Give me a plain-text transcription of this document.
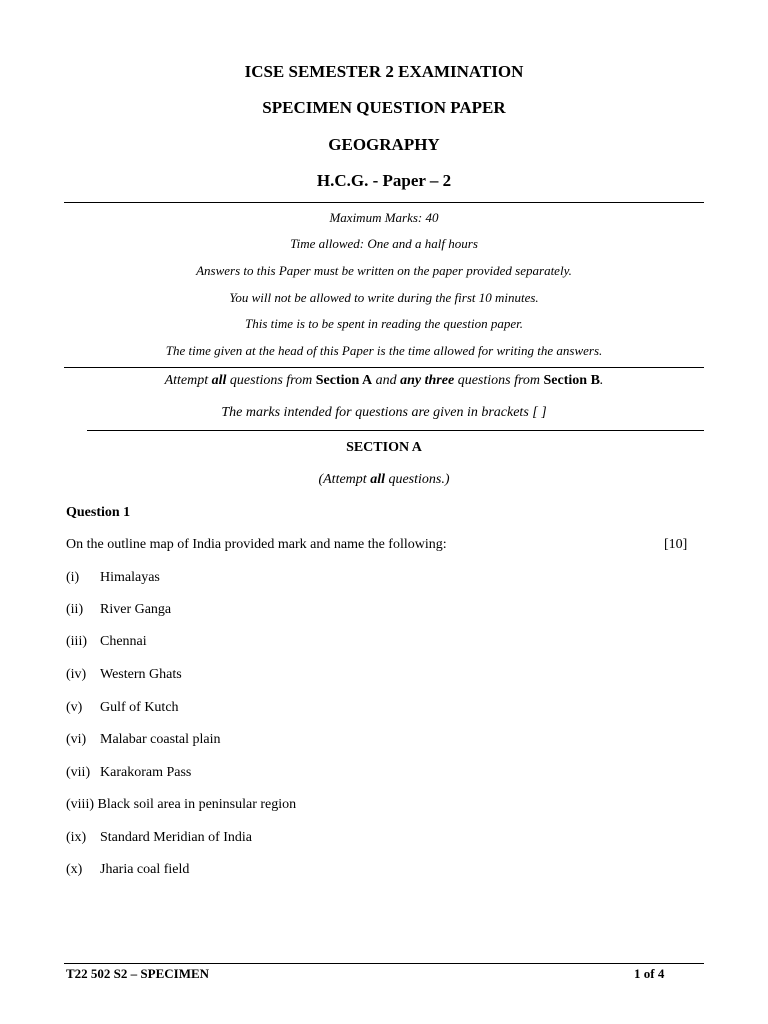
ICSE SEMESTER 2 EXAMINATION
SPECIMEN QUESTION PAPER
GEOGRAPHY
H.C.G. - Paper – 2
Maximum Marks: 40
Time allowed: One and a half hours
Answers to this Paper must be written on the paper provided separately.
You will not be allowed to write during the first 10 minutes.
This time is to be spent in reading the question paper.
The time given at the head of this Paper is the time allowed for writing the answers.
Attempt all questions from Section A and any three questions from Section B.
The marks intended for questions are given in brackets [ ]
SECTION A
(Attempt all questions.)
Question 1
On the outline map of India provided mark and name the following:	[10]
(i) Himalayas
(ii) River Ganga
(iii) Chennai
(iv) Western Ghats
(v) Gulf of Kutch
(vi) Malabar coastal plain
(vii) Karakoram Pass
(viii) Black soil area in peninsular region
(ix) Standard Meridian of India
(x) Jharia coal field
T22 502 S2 – SPECIMEN	1 of 4
